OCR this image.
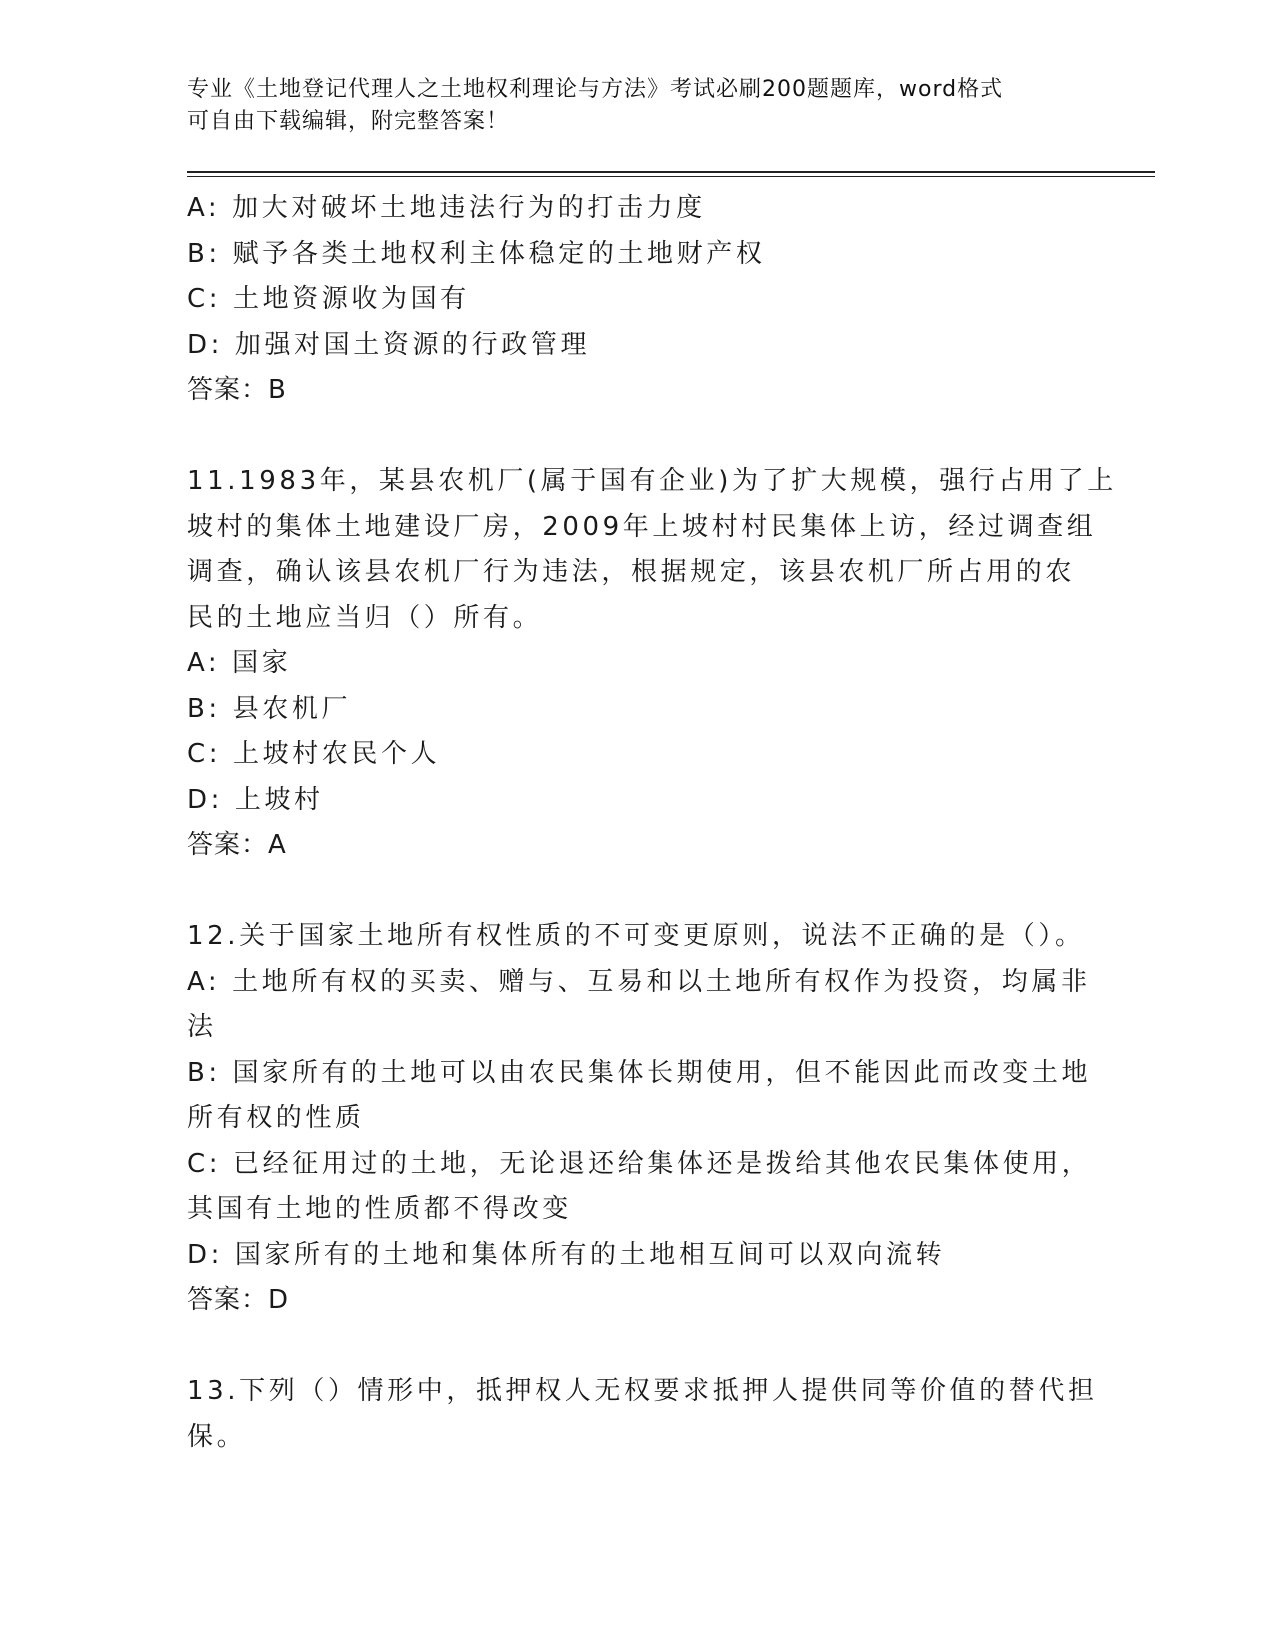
专业《土地登记代理人之土地权利理论与方法》考试必刷200题题库，word格式
可自由下载编辑，附完整答案！
A: 加大对破坏土地违法行为的打击力度
B: 赋予各类土地权利主体稳定的土地财产权
C: 土地资源收为国有
D: 加强对国土资源的行政管理
答案：B
11.1983年，某县农机厂(属于国有企业)为了扩大规模，强行占用了上
坡村的集体土地建设厂房，2009年上坡村村民集体上访，经过调查组
调查，确认该县农机厂行为违法，根据规定，该县农机厂所占用的农
民的土地应当归（）所有。
A: 国家
B: 县农机厂
C: 上坡村农民个人
D: 上坡村
答案：A
12.关于国家土地所有权性质的不可变更原则，说法不正确的是（）。
A: 土地所有权的买卖、赠与、互易和以土地所有权作为投资，均属非
法
B: 国家所有的土地可以由农民集体长期使用，但不能因此而改变土地
所有权的性质
C: 已经征用过的土地，无论退还给集体还是拨给其他农民集体使用，
其国有土地的性质都不得改变
D: 国家所有的土地和集体所有的土地相互间可以双向流转
答案：D
13.下列（）情形中，抵押权人无权要求抵押人提供同等价值的替代担
保。
